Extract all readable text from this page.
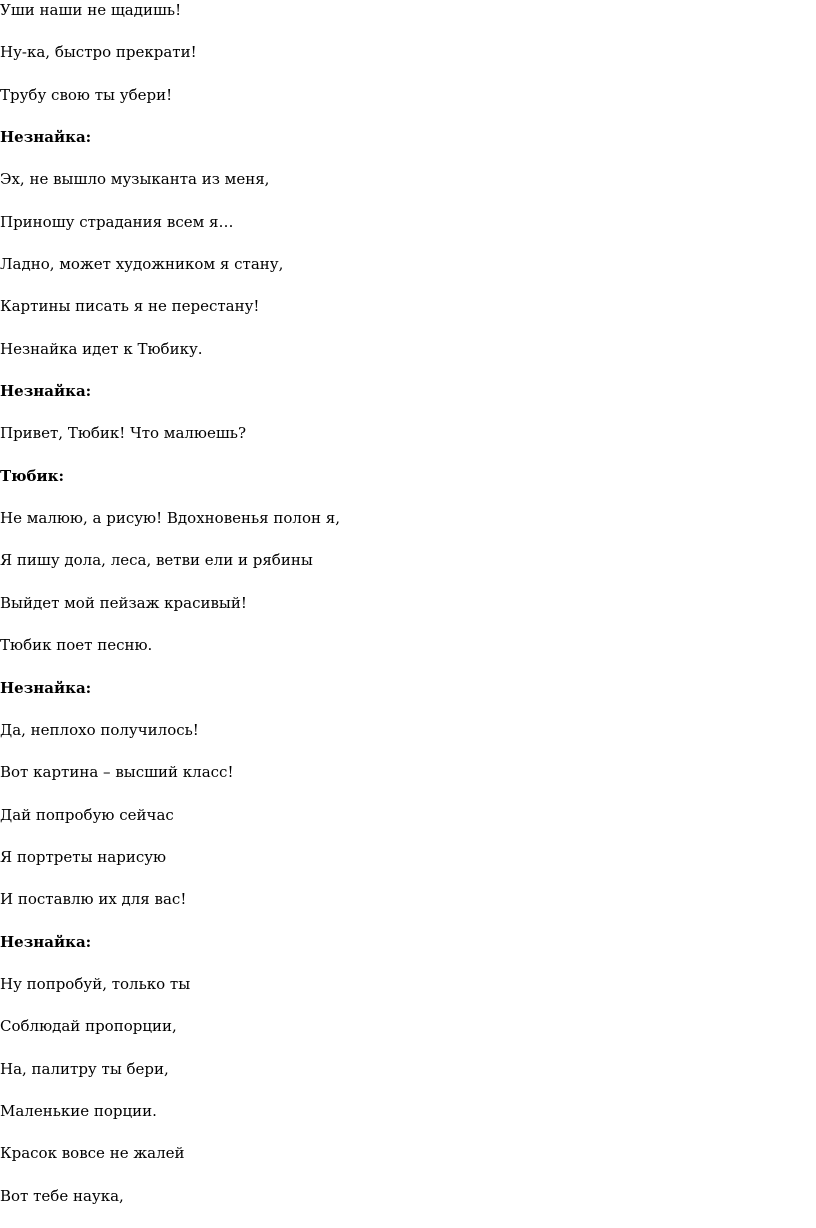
Уши наши не щадишь!

Ну-ка, быстро прекрати!

Трубу свою ты убери!

Незнайка:

Эх, не вышло музыканта из меня,

Приношу страдания всем я…

Ладно, может художником я стану,

Картины писать я не перестану!

Незнайка идет к Тюбику.

Незнайка:

Привет, Тюбик! Что малюешь?

Тюбик:

Не малюю, а рисую! Вдохновенья полон я,

Я пишу дола, леса, ветви ели и рябины

Выйдет мой пейзаж красивый!

Тюбик поет песню.

Незнайка:

Да, неплохо получилось!

Вот картина – высший класс!

Дай попробую сейчас

Я портреты нарисую

И поставлю их для вас!

Незнайка:

Ну попробуй, только ты

Соблюдай пропорции,

На, палитру ты бери,

Маленькие порции.

Красок вовсе не жалей

Вот тебе наука,
